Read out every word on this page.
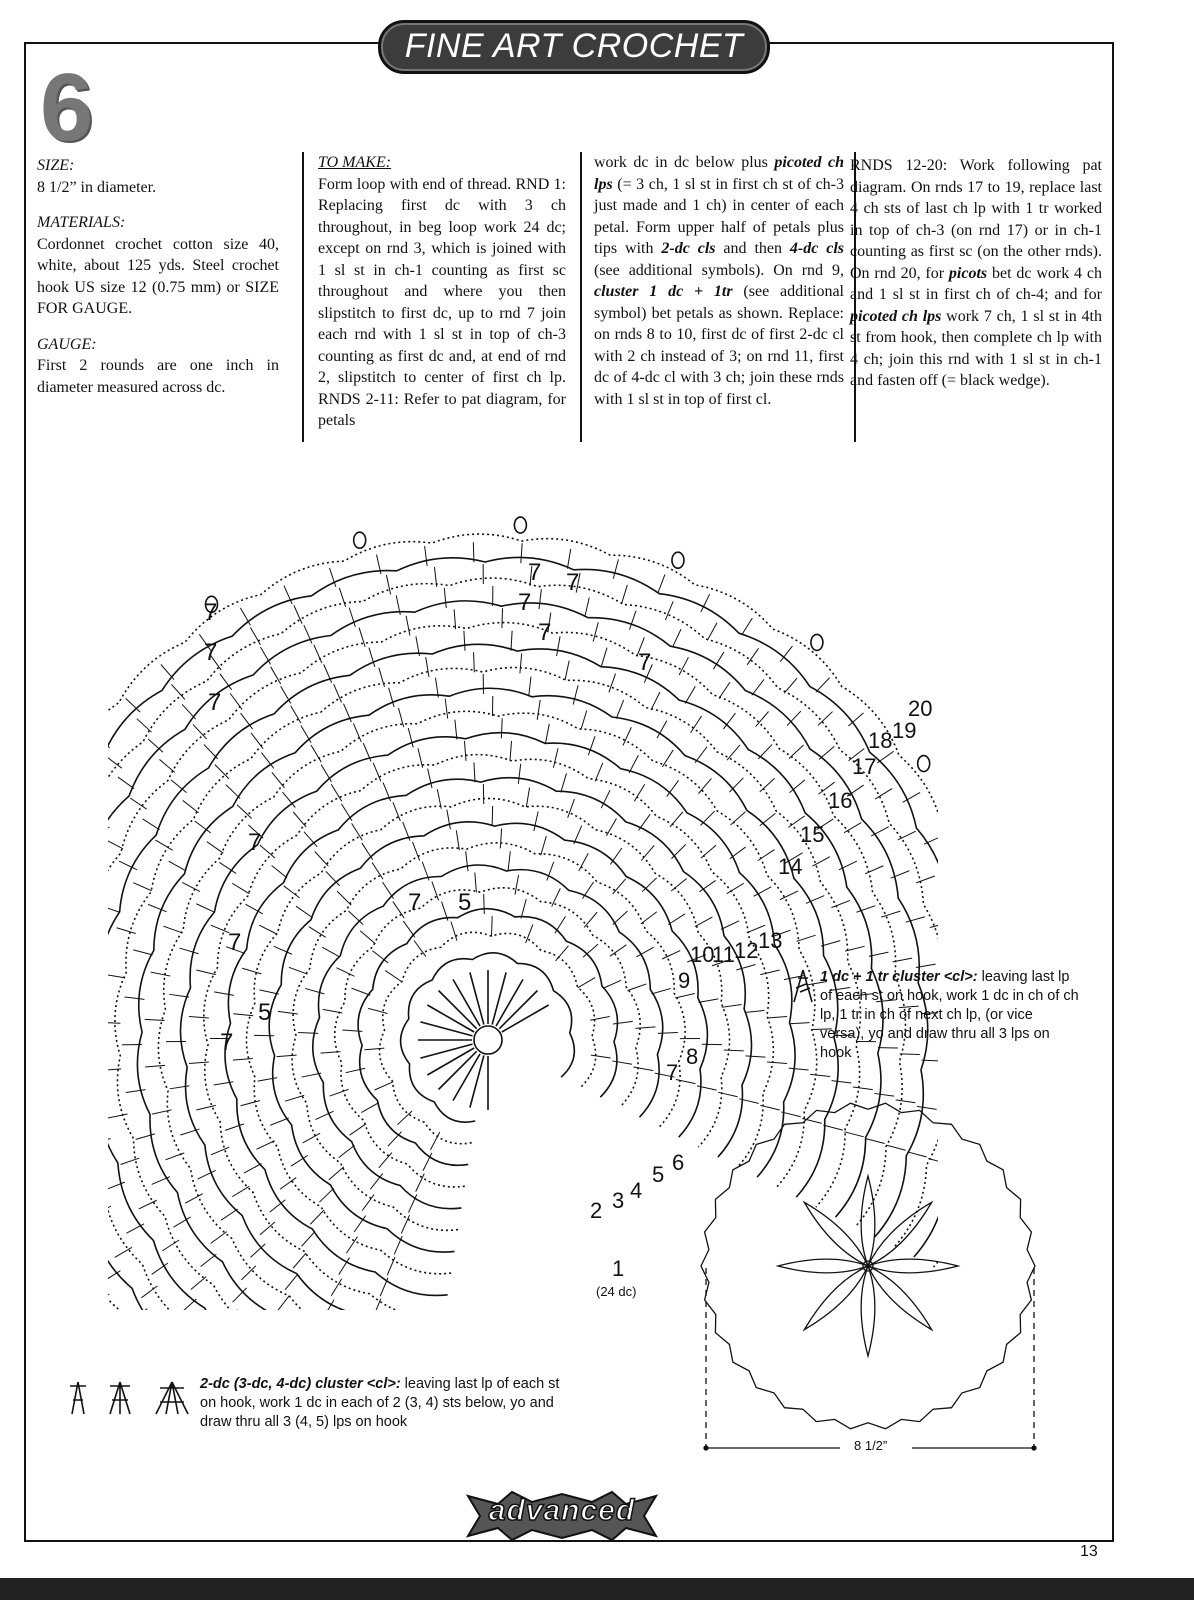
FINE ART CROCHET
6
SIZE:
8 1/2” in diameter.
MATERIALS:
Cordonnet crochet cotton size 40, white, about 125 yds. Steel crochet hook US size 12 (0.75 mm) or SIZE FOR GAUGE.
GAUGE:
First 2 rounds are one inch in diameter measured across dc.
TO MAKE:
Form loop with end of thread. RND 1: Replacing first dc with 3 ch throughout, in beg loop work 24 dc; except on rnd 3, which is joined with 1 sl st in ch-1 counting as first sc throughout and where you then slipstitch to first dc, up to rnd 7 join each rnd with 1 sl st in top of ch-3 counting as first dc and, at end of rnd 2, slipstitch to center of first ch lp. RNDS 2-11: Refer to pat diagram, for petals
work dc in dc below plus picoted ch lps (= 3 ch, 1 sl st in first ch st of ch-3 just made and 1 ch) in center of each petal. Form upper half of petals plus tips with 2-dc cls and then 4-dc cls (see additional symbols). On rnd 9, cluster 1 dc + 1tr (see additional symbol) bet petals as shown. Replace: on rnds 8 to 10, first dc of first 2-dc cl with 2 ch instead of 3; on rnd 11, first dc of 4-dc cl with 3 ch; join these rnds with 1 sl st in top of first cl.
RNDS 12-20: Work following pat diagram. On rnds 17 to 19, replace last 4 ch sts of last ch lp with 1 tr worked in top of ch-3 (on rnd 17) or in ch-1 counting as first sc (on the other rnds). On rnd 20, for picots bet dc work 4 ch and 1 sl st in first ch of ch-4; and for picoted ch lps work 7 ch, 1 sl st in 4th st from hook, then complete ch lp with 4 ch; join this rnd with 1 sl st in ch-1 and fasten off (= black wedge).
7
7
7 7
7
7
7
7
7
7
5
5
7
7
1
2 3 4
5 6
7
8
9
10
11 12 13
14
15
16
17
18 19
20
(24 dc)
1 dc + 1 tr cluster <cl>: leaving last lp of each st on hook, work 1 dc in ch of ch lp, 1 tr in ch of next ch lp, (or vice versa), yo and draw thru all 3 lps on hook
2-dc (3-dc, 4-dc) cluster <cl>: leaving last lp of each st on hook, work 1 dc in each of 2 (3, 4) sts below, yo and draw thru all 3 (4, 5) lps on hook
8 1/2”
advanced
13
